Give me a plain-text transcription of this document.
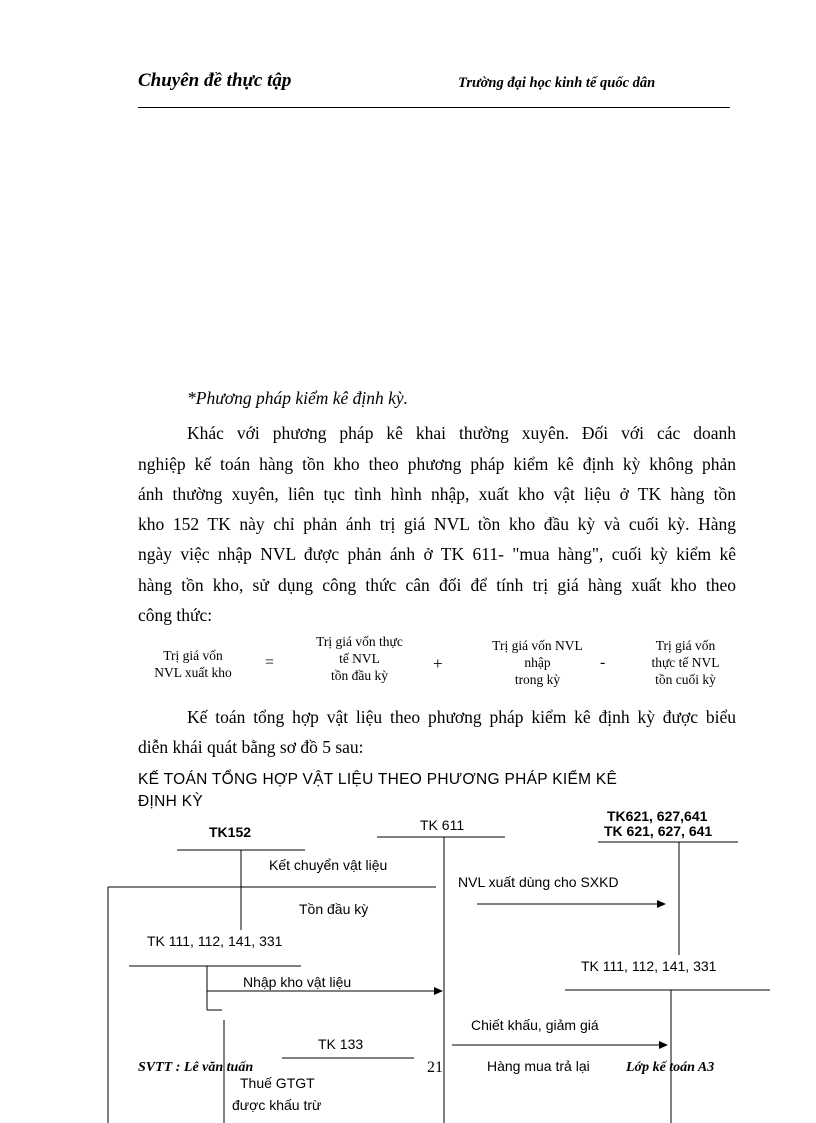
Chuyên đề thực tập	Trường đại học kinh tế quốc dân
*Phương pháp kiểm kê định kỳ.
Khác với phương pháp kê khai thường xuyên. Đối với các doanh
nghiệp kế toán hàng tồn kho theo phương pháp kiểm kê định kỳ không phản
ánh thường xuyên, liên tục tình hình nhập, xuất kho vật liệu ở TK hàng tồn
kho 152 TK này chỉ phản ánh trị giá NVL tồn kho đầu kỳ và cuối kỳ. Hàng
ngày việc nhập NVL được phản ánh ở TK 611- "mua hàng", cuối kỳ kiểm kê
hàng tồn kho, sử dụng công thức cân đối để tính trị giá hàng xuất kho theo
công thức:
Trị giá vốn
NVL xuất kho
=
Trị giá vốn thực
tế NVL
tồn đầu kỳ
+
Trị giá vốn NVL
nhập
trong kỳ
-
Trị giá vốn
thực tế NVL
tồn cuối kỳ
Kế toán tổng hợp vật liệu theo phương pháp kiểm kê định kỳ được biểu
diễn khái quát bằng sơ đồ 5 sau:
KẾ TOÁN TỔNG HỢP VẬT LIỆU THEO PHƯƠNG PHÁP KIỂM KÊ
ĐỊNH KỲ
TK152	TK 611
TK621, 627,641
TK 621, 627, 641
Kết chuyển vật liệu
Tồn đầu kỳ
NVL xuất dùng cho SXKD
TK 111, 112, 141, 331
Nhập kho vật liệu
TK 111, 112, 141, 331
Chiết khấu, giảm giá
Hàng mua trả lại
TK 133
Thuế GTGT
được khấu trừ
SVTT : Lê văn tuấn	21	Lớp kế toán A3
